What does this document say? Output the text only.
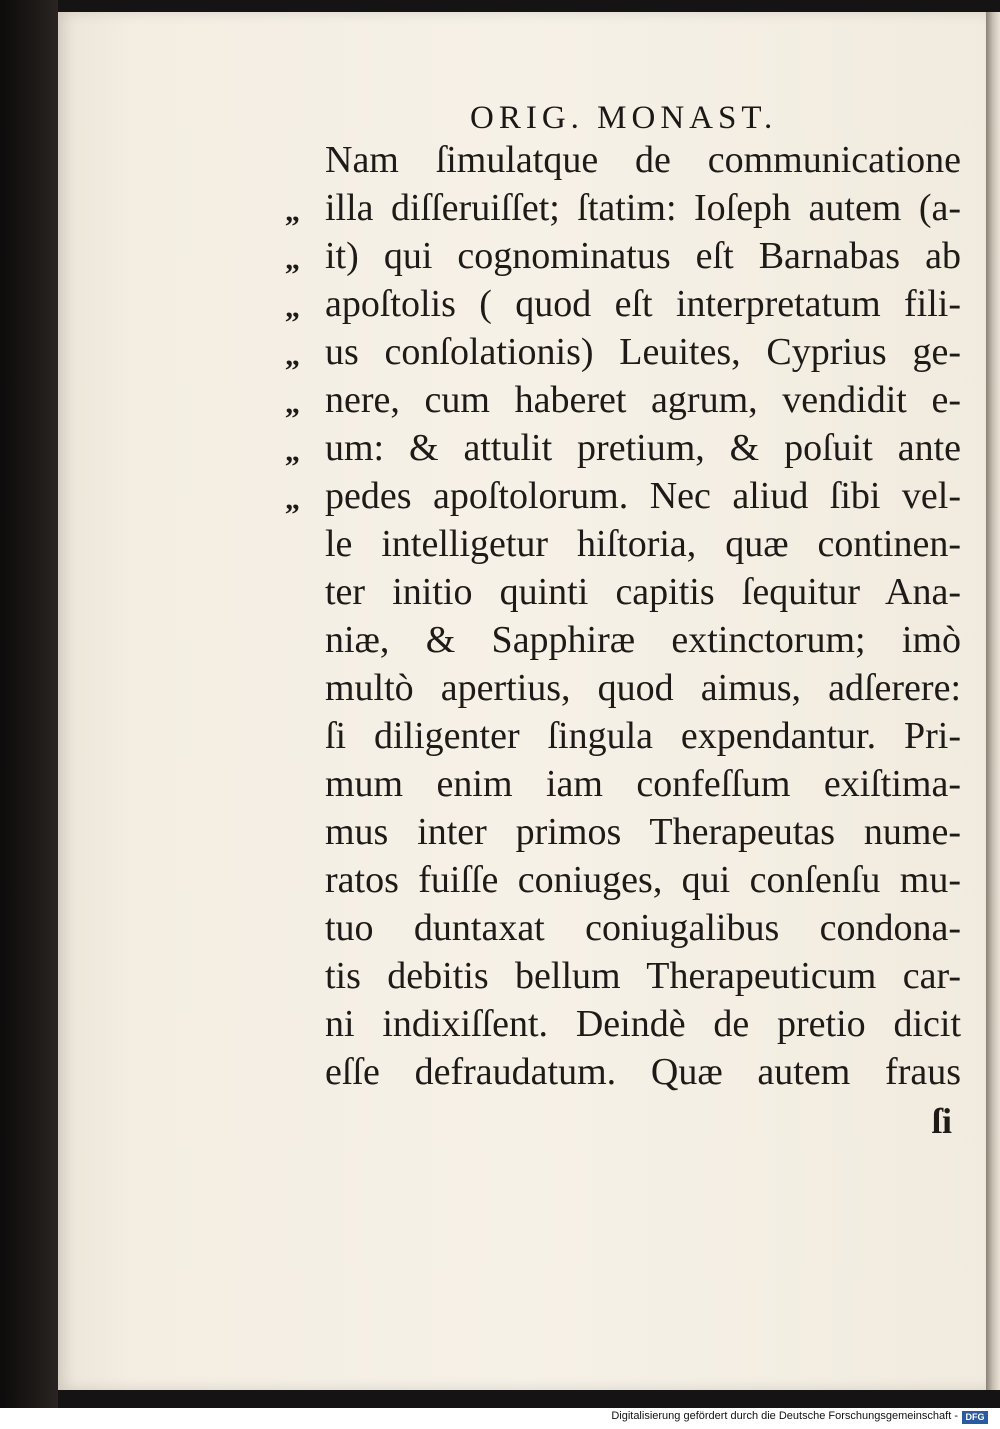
ORIG. MONAST.
Nam ſimulatque de communicatione
„ illa diſſeruiſſet; ſtatim: Ioſeph autem (a-
„ it) qui cognominatus eſt Barnabas ab
„ apoſtolis ( quod eſt interpretatum fili-
„ us conſolationis) Leuites, Cyprius ge-
„ nere, cum haberet agrum, vendidit e-
„ um: & attulit pretium, & poſuit ante
„ pedes apoſtolorum. Nec aliud ſibi vel-
le intelligetur hiſtoria, quæ continen-
ter initio quinti capitis ſequitur Ana-
niæ, & Sapphiræ extinctorum; imò
multò apertius, quod aimus, adſerere:
ſi diligenter ſingula expendantur. Pri-
mum enim iam confeſſum exiſtima-
mus inter primos Therapeutas nume-
ratos fuiſſe coniuges, qui conſenſu mu-
tuo duntaxat coniugalibus condona-
tis debitis bellum Therapeuticum car-
ni indixiſſent. Deindè de pretio dicit
eſſe defraudatum. Quæ autem fraus
ſi
Digitalisierung gefördert durch die Deutsche Forschungsgemeinschaft - DFG
